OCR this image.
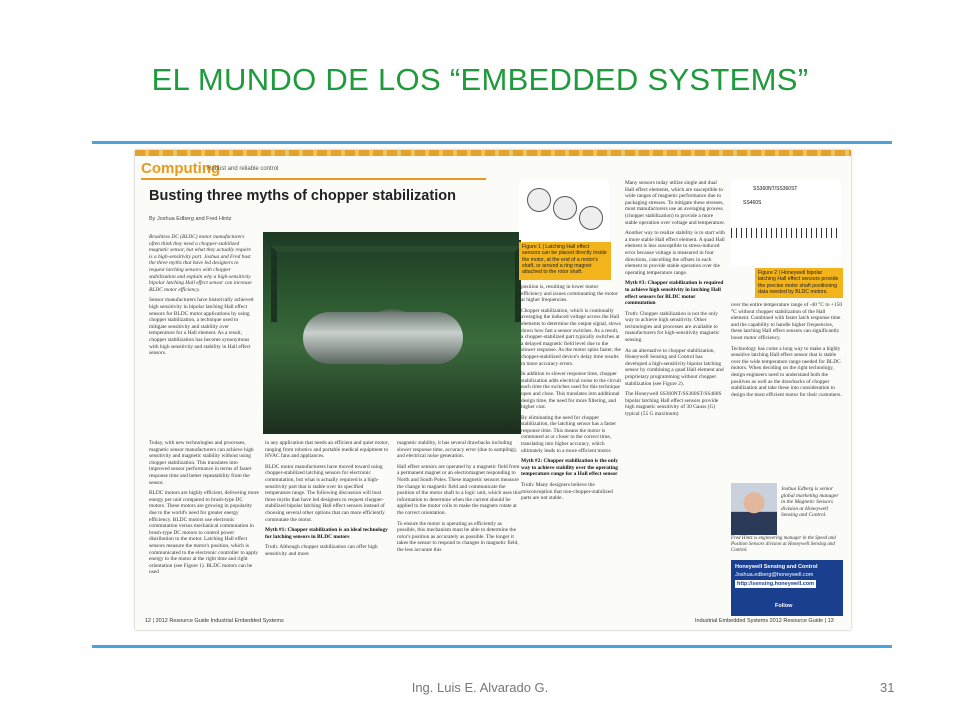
EL MUNDO DE LOS “EMBEDDED SYSTEMS”
Computing
Robust and reliable control
Busting three myths of chopper stabilization
By Joshua Edberg and Fred Hintz

Brushless DC (BLDC) motor manufacturers often think they need a chopper-stabilized magnetic sensor, but what they actually require is a high-sensitivity part. Joshua and Fred bust the three myths that have led designers to request latching sensors with chopper stabilization and explain why a high-sensitivity bipolar latching Hall effect sensor can increase BLDC motor efficiency.

Sensor manufacturers have historically achieved high sensitivity in bipolar latching Hall effect sensors for BLDC motor applications by using chopper stabilization, a technique used to mitigate sensitivity and stability over temperature for a Hall element. As a result, chopper stabilization has become synonymous with high sensitivity and stability in Hall effect sensors.

Today, with new technologies and processes, magnetic sensor manufacturers can achieve high sensitivity and magnetic stability without using chopper stabilization. This translates into improved sensor performance in terms of faster response time and better repeatability from the sensor.

BLDC motors are highly efficient, delivering more energy per unit compared to brush-type DC motors. These motors are growing in popularity due to the world's need for greater energy efficiency. BLDC motors use electronic commutation versus mechanical commutation in brush-type DC motors to control power distribution to the motor. Latching Hall effect sensors measure the motor's position, which is communicated to the electronic controller to apply energy to the motor at the right time and right orientation (see Figure 1). BLDC motors can be used

in any application that needs an efficient and quiet motor, ranging from robotics and portable medical equipment to HVAC fans and appliances.

BLDC motor manufacturers have moved toward using chopper-stabilized latching sensors for electronic commutation, but what is actually required is a high-sensitivity part that is stable over its specified temperature range. The following discussion will bust three myths that have led designers to request chopper-stabilized bipolar latching Hall effect sensors instead of choosing several other options that can more efficiently commutate the motor.

Myth #1: Chopper stabilization is an ideal technology for latching sensors in BLDC motors

Truth: Although chopper stabilization can offer high sensitivity and more

magnetic stability, it has several drawbacks including slower response time, accuracy error (due to sampling), and electrical noise generation.

Hall effect sensors are operated by a magnetic field from a permanent magnet or an electromagnet responding to North and South Poles. These magnetic sensors measure the change in magnetic field and communicate the position of the motor shaft to a logic unit, which uses this information to determine when the current should be applied to the motor coils to make the magnets rotate at the correct orientation.

To ensure the motor is operating as efficiently as possible, this mechanism must be able to determine the rotor's position as accurately as possible. The longer it takes the sensor to respond to changes in magnetic field, the less accurate this

Figure 1 | Latching Hall effect sensors can be placed directly inside the motor, at the end of a motor's shaft, or around a ring magnet attached to the rotor shaft.

position is, resulting in lower motor efficiency and issues commutating the motor at higher frequencies.

Chopper stabilization, which is continually averaging the induced voltage across the Hall elements to determine the output signal, slows down how fast a sensor switches. As a result, a chopper-stabilized part typically switches at a delayed magnetic field level due to the slower response. As the motor spins faster, the chopper-stabilized device's delay time results in more accuracy errors.

In addition to slower response time, chopper stabilization adds electrical noise to the circuit each time the switches used for this technique open and close. This translates into additional design time, the need for more filtering, and higher cost.

By eliminating the need for chopper stabilization, the latching sensor has a faster response time. This means the motor is commuted at or closer to the correct time, translating into higher accuracy, which ultimately leads to a more efficient motor.

Myth #2: Chopper stabilization is the only way to achieve stability over the operating temperature range for a Hall effect sensor

Truth: Many designers believe the misconception that non-chopper-stabilized parts are not stable.

Many sensors today utilize single and dual Hall effect elements, which are susceptible to wide ranges of magnetic performance due to packaging stresses. To mitigate these stresses, most manufacturers use an averaging process (chopper stabilization) to provide a more stable operation over voltage and temperature.

Another way to realize stability is to start with a more stable Hall effect element. A quad Hall element is less susceptible to stress-induced error because voltage is measured in four directions, cancelling the offsets in each element to provide stable operation over the operating temperature range.

Myth #3: Chopper stabilization is required to achieve high sensitivity in latching Hall effect sensors for BLDC motor commutation

Truth: Chopper stabilization is not the only way to achieve high sensitivity. Other technologies and processes are available to manufacturers for high-sensitivity magnetic sensing.

As an alternative to chopper stabilization, Honeywell Sensing and Control has developed a high-sensitivity bipolar latching sensor by combining a quad Hall element and proprietary programming without chopper stabilization (see Figure 2).

The Honeywell SS360NT/SS360ST/SS460S bipolar latching Hall effect sensors provide high magnetic sensitivity of 30 Gauss (G) typical (55 G maximum)

SS360NT/SS360ST
SS460S
Figure 2 | Honeywell bipolar latching Hall effect sensors provide the precise motor shaft positioning data needed by BLDC motors.

over the entire temperature range of -40 °C to +150 °C without chopper stabilization of the Hall element. Combined with faster latch response time and the capability to handle higher frequencies, these latching Hall effect sensors can significantly boost motor efficiency.

Technology has come a long way to make a highly sensitive latching Hall effect sensor that is stable over the wide temperature range needed for BLDC motors. When deciding on the right technology, design engineers need to understand both the positives as well as the drawbacks of chopper stabilization and take these into consideration to design the most efficient motor for their customers.

Joshua Edberg is senior global marketing manager in the Magnetic Sensors division at Honeywell Sensing and Control.
Fred Hintz is engineering manager in the Speed and Position Sensors division at Honeywell Sensing and Control.
Honeywell Sensing and Control
Joshua.edberg@honeywell.com
http://sensing.honeywell.com
Follow
12 | 2012 Resource Guide Industrial Embedded Systems	Industrial Embedded Systems 2012 Resource Guide | 13
Ing. Luis E. Alvarado G.	31
